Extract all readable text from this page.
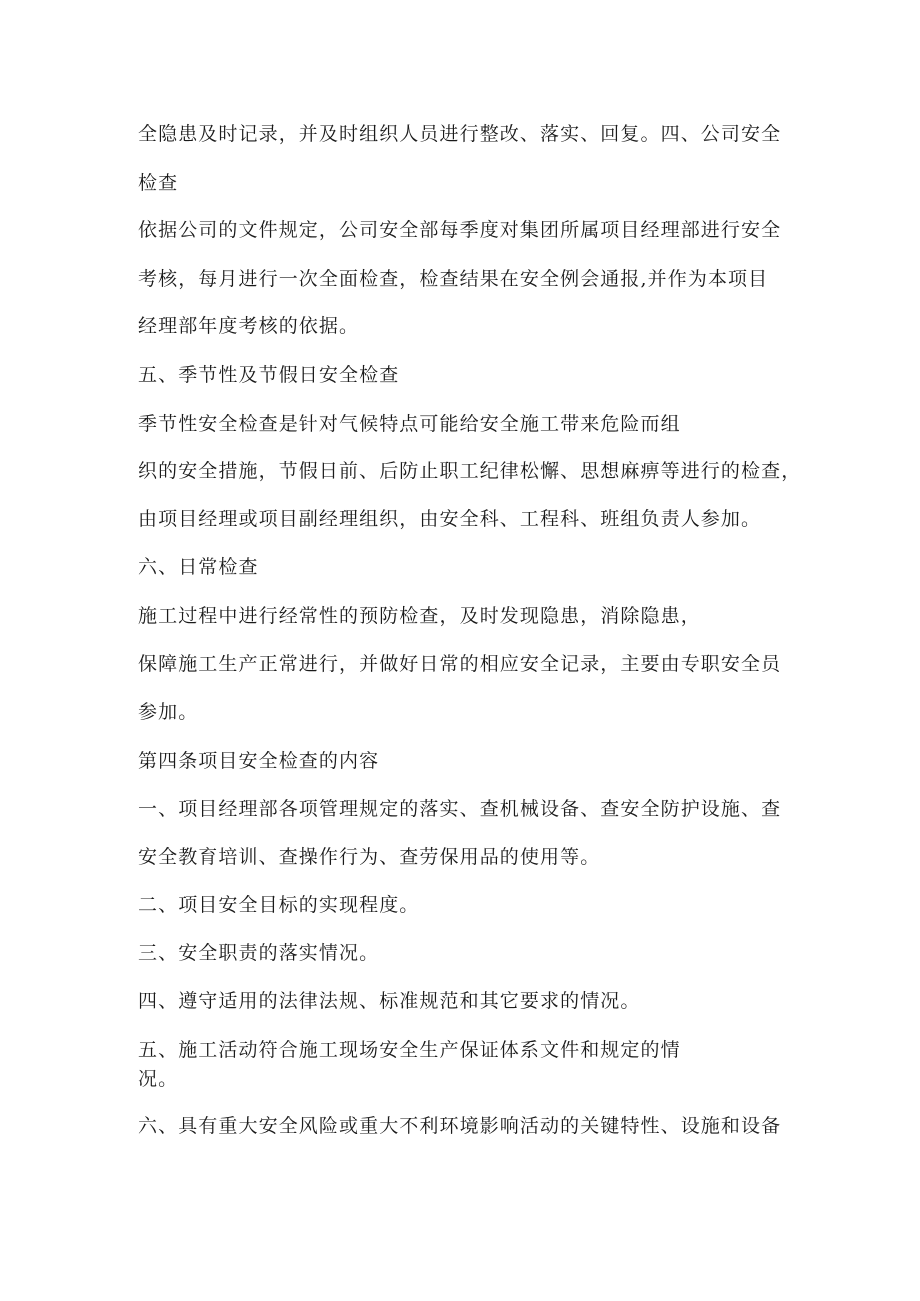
全隐患及时记录，并及时组织人员进行整改、落实、回复。四、公司安全
检查
依据公司的文件规定，公司安全部每季度对集团所属项目经理部进行安全
考核，每月进行一次全面检查，检查结果在安全例会通报,并作为本项目
经理部年度考核的依据。
五、季节性及节假日安全检查
季节性安全检查是针对气候特点可能给安全施工带来危险而组
织的安全措施，节假日前、后防止职工纪律松懈、思想麻痹等进行的检查，
由项目经理或项目副经理组织，由安全科、工程科、班组负责人参加。
六、日常检查
施工过程中进行经常性的预防检查，及时发现隐患，消除隐患，
保障施工生产正常进行，并做好日常的相应安全记录，主要由专职安全员
参加。
第四条项目安全检查的内容
一、项目经理部各项管理规定的落实、查机械设备、查安全防护设施、查
安全教育培训、查操作行为、查劳保用品的使用等。
二、项目安全目标的实现程度。
三、安全职责的落实情况。
四、遵守适用的法律法规、标准规范和其它要求的情况。
五、施工活动符合施工现场安全生产保证体系文件和规定的情
况。
六、具有重大安全风险或重大不利环境影响活动的关键特性、设施和设备
